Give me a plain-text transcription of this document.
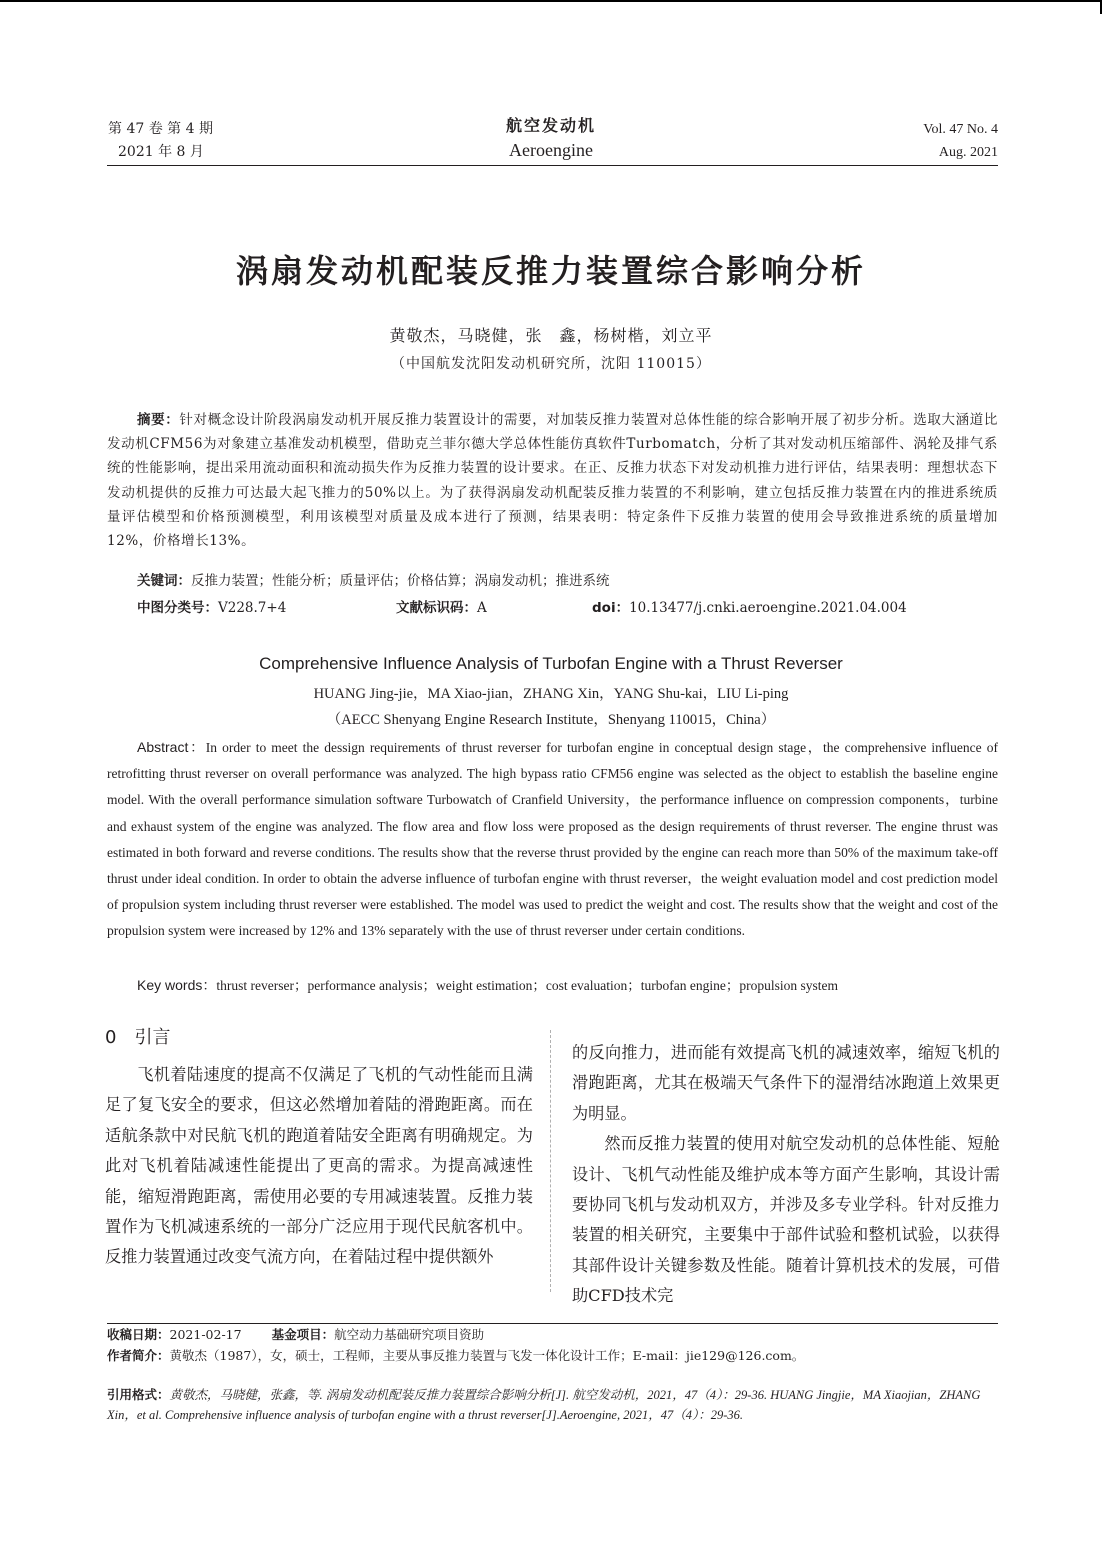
第 47 卷 第 4 期
2021 年 8 月
航空发动机
Aeroengine
Vol. 47 No. 4
Aug. 2021
涡扇发动机配装反推力装置综合影响分析
黄敬杰，马晓健，张　鑫，杨树楷，刘立平
（中国航发沈阳发动机研究所，沈阳 110015）
摘要：针对概念设计阶段涡扇发动机开展反推力装置设计的需要，对加装反推力装置对总体性能的综合影响开展了初步分析。选取大涵道比发动机CFM56为对象建立基准发动机模型，借助克兰菲尔德大学总体性能仿真软件Turbomatch，分析了其对发动机压缩部件、涡轮及排气系统的性能影响，提出采用流动面积和流动损失作为反推力装置的设计要求。在正、反推力状态下对发动机推力进行评估，结果表明：理想状态下发动机提供的反推力可达最大起飞推力的50%以上。为了获得涡扇发动机配装反推力装置的不利影响，建立包括反推力装置在内的推进系统质量评估模型和价格预测模型，利用该模型对质量及成本进行了预测，结果表明：特定条件下反推力装置的使用会导致推进系统的质量增加12%，价格增长13%。
关键词：反推力装置；性能分析；质量评估；价格估算；涡扇发动机；推进系统
中图分类号：V228.7+4	文献标识码：A	doi：10.13477/j.cnki.aeroengine.2021.04.004
Comprehensive Influence Analysis of Turbofan Engine with a Thrust Reverser
HUANG Jing-jie，MA Xiao-jian，ZHANG Xin，YANG Shu-kai，LIU Li-ping
（AECC Shenyang Engine Research Institute，Shenyang 110015，China）
Abstract：In order to meet the dessign requirements of thrust reverser for turbofan engine in conceptual design stage，the comprehensive influence of retrofitting thrust reverser on overall performance was analyzed. The high bypass ratio CFM56 engine was selected as the object to establish the baseline engine model. With the overall performance simulation software Turbowatch of Cranfield University，the performance influence on compression components，turbine and exhaust system of the engine was analyzed. The flow area and flow loss were proposed as the design requirements of thrust reverser. The engine thrust was estimated in both forward and reverse conditions. The results show that the reverse thrust provided by the engine can reach more than 50% of the maximum take-off thrust under ideal condition. In order to obtain the adverse influence of turbofan engine with thrust reverser，the weight evaluation model and cost prediction model of propulsion system including thrust reverser were established. The model was used to predict the weight and cost. The results show that the weight and cost of the propulsion system were increased by 12% and 13% separately with the use of thrust reverser under certain conditions.
Key words：thrust reverser；performance analysis；weight estimation；cost evaluation；turbofan engine；propulsion system
0 引言

飞机着陆速度的提高不仅满足了飞机的气动性能而且满足了复飞安全的要求，但这必然增加着陆的滑跑距离。而在适航条款中对民航飞机的跑道着陆安全距离有明确规定。为此对飞机着陆减速性能提出了更高的需求。为提高减速性能，缩短滑跑距离，需使用必要的专用减速装置。反推力装置作为飞机减速系统的一部分广泛应用于现代民航客机中。反推力装置通过改变气流方向，在着陆过程中提供额外

的反向推力，进而能有效提高飞机的减速效率，缩短飞机的滑跑距离，尤其在极端天气条件下的湿滑结冰跑道上效果更为明显。

然而反推力装置的使用对航空发动机的总体性能、短舱设计、飞机气动性能及维护成本等方面产生影响，其设计需要协同飞机与发动机双方，并涉及多专业学科。针对反推力装置的相关研究，主要集中于部件试验和整机试验，以获得其部件设计关键参数及性能。随着计算机技术的发展，可借助CFD技术完

收稿日期：2021-02-17 基金项目：航空动力基础研究项目资助
作者简介：黄敬杰（1987），女，硕士，工程师，主要从事反推力装置与飞发一体化设计工作；E-mail：jie129@126.com。
引用格式：黄敬杰，马晓健，张鑫，等. 涡扇发动机配装反推力装置综合影响分析[J]. 航空发动机，2021，47（4）：29-36. HUANG Jingjie，MA Xiaojian，ZHANG Xin，et al. Comprehensive influence analysis of turbofan engine with a thrust reverser[J].Aeroengine, 2021，47（4）：29-36.
